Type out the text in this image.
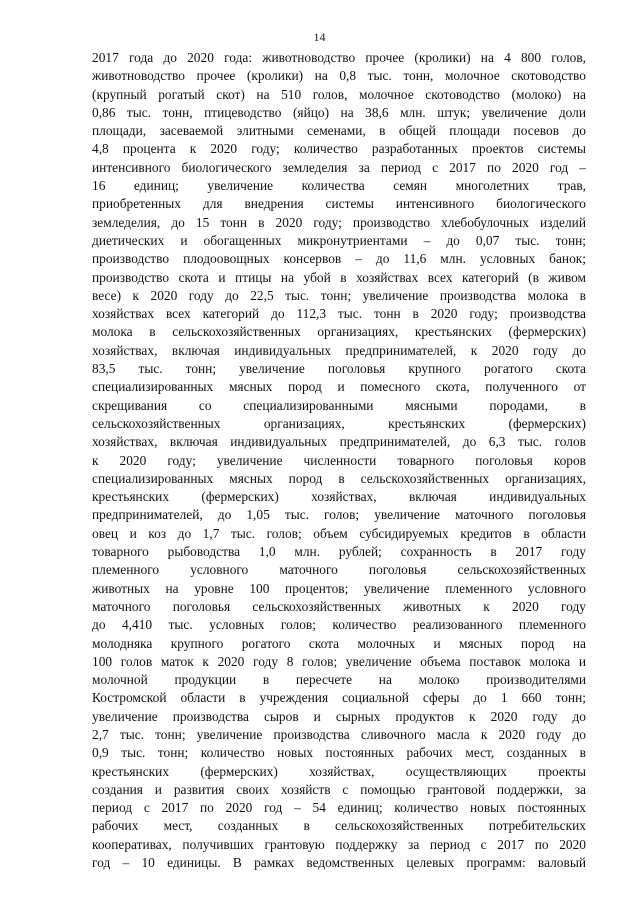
14
2017 года до 2020 года: животноводство прочее (кролики) на 4 800 голов,
животноводство прочее (кролики) на 0,8 тыс. тонн, молочное скотоводство
(крупный рогатый скот) на 510 голов, молочное скотоводство (молоко) на
0,86 тыс. тонн, птицеводство (яйцо) на 38,6 млн. штук; увеличение доли
площади, засеваемой элитными семенами, в общей площади посевов до
4,8 процента к 2020 году; количество разработанных проектов системы
интенсивного биологического земледелия за период с 2017 по 2020 год –
16 единиц; увеличение количества семян многолетних трав,
приобретенных для внедрения системы интенсивного биологического
земледелия, до 15 тонн в 2020 году; производство хлебобулочных изделий
диетических и обогащенных микронутриентами – до 0,07 тыс. тонн;
производство плодоовощных консервов – до 11,6 млн. условных банок;
производство скота и птицы на убой в хозяйствах всех категорий (в живом
весе) к 2020 году до 22,5 тыс. тонн; увеличение производства молока в
хозяйствах всех категорий до 112,3 тыс. тонн в 2020 году; производства
молока в сельскохозяйственных организациях, крестьянских (фермерских)
хозяйствах, включая индивидуальных предпринимателей, к 2020 году до
83,5 тыс. тонн; увеличение поголовья крупного рогатого скота
специализированных мясных пород и помесного скота, полученного от
скрещивания со специализированными мясными породами, в
сельскохозяйственных организациях, крестьянских (фермерских)
хозяйствах, включая индивидуальных предпринимателей, до 6,3 тыс. голов
к 2020 году; увеличение численности товарного поголовья коров
специализированных мясных пород в сельскохозяйственных организациях,
крестьянских (фермерских) хозяйствах, включая индивидуальных
предпринимателей, до 1,05 тыс. голов; увеличение маточного поголовья
овец и коз до 1,7 тыс. голов; объем субсидируемых кредитов в области
товарного рыбоводства 1,0 млн. рублей; сохранность в 2017 году
племенного условного маточного поголовья сельскохозяйственных
животных на уровне 100 процентов; увеличение племенного условного
маточного поголовья сельскохозяйственных животных к 2020 году
до 4,410 тыс. условных голов; количество реализованного племенного
молодняка крупного рогатого скота молочных и мясных пород на
100 голов маток к 2020 году 8 голов; увеличение объема поставок молока и
молочной продукции в пересчете на молоко производителями
Костромской области в учреждения социальной сферы до 1 660 тонн;
увеличение производства сыров и сырных продуктов к 2020 году до
2,7 тыс. тонн; увеличение производства сливочного масла к 2020 году до
0,9 тыс. тонн; количество новых постоянных рабочих мест, созданных в
крестьянских (фермерских) хозяйствах, осуществляющих проекты
создания и развития своих хозяйств с помощью грантовой поддержки, за
период с 2017 по 2020 год – 54 единиц; количество новых постоянных
рабочих мест, созданных в сельскохозяйственных потребительских
кооперативах, получивших грантовую поддержку за период с 2017 по 2020
год – 10 единицы. В рамках ведомственных целевых программ: валовый
